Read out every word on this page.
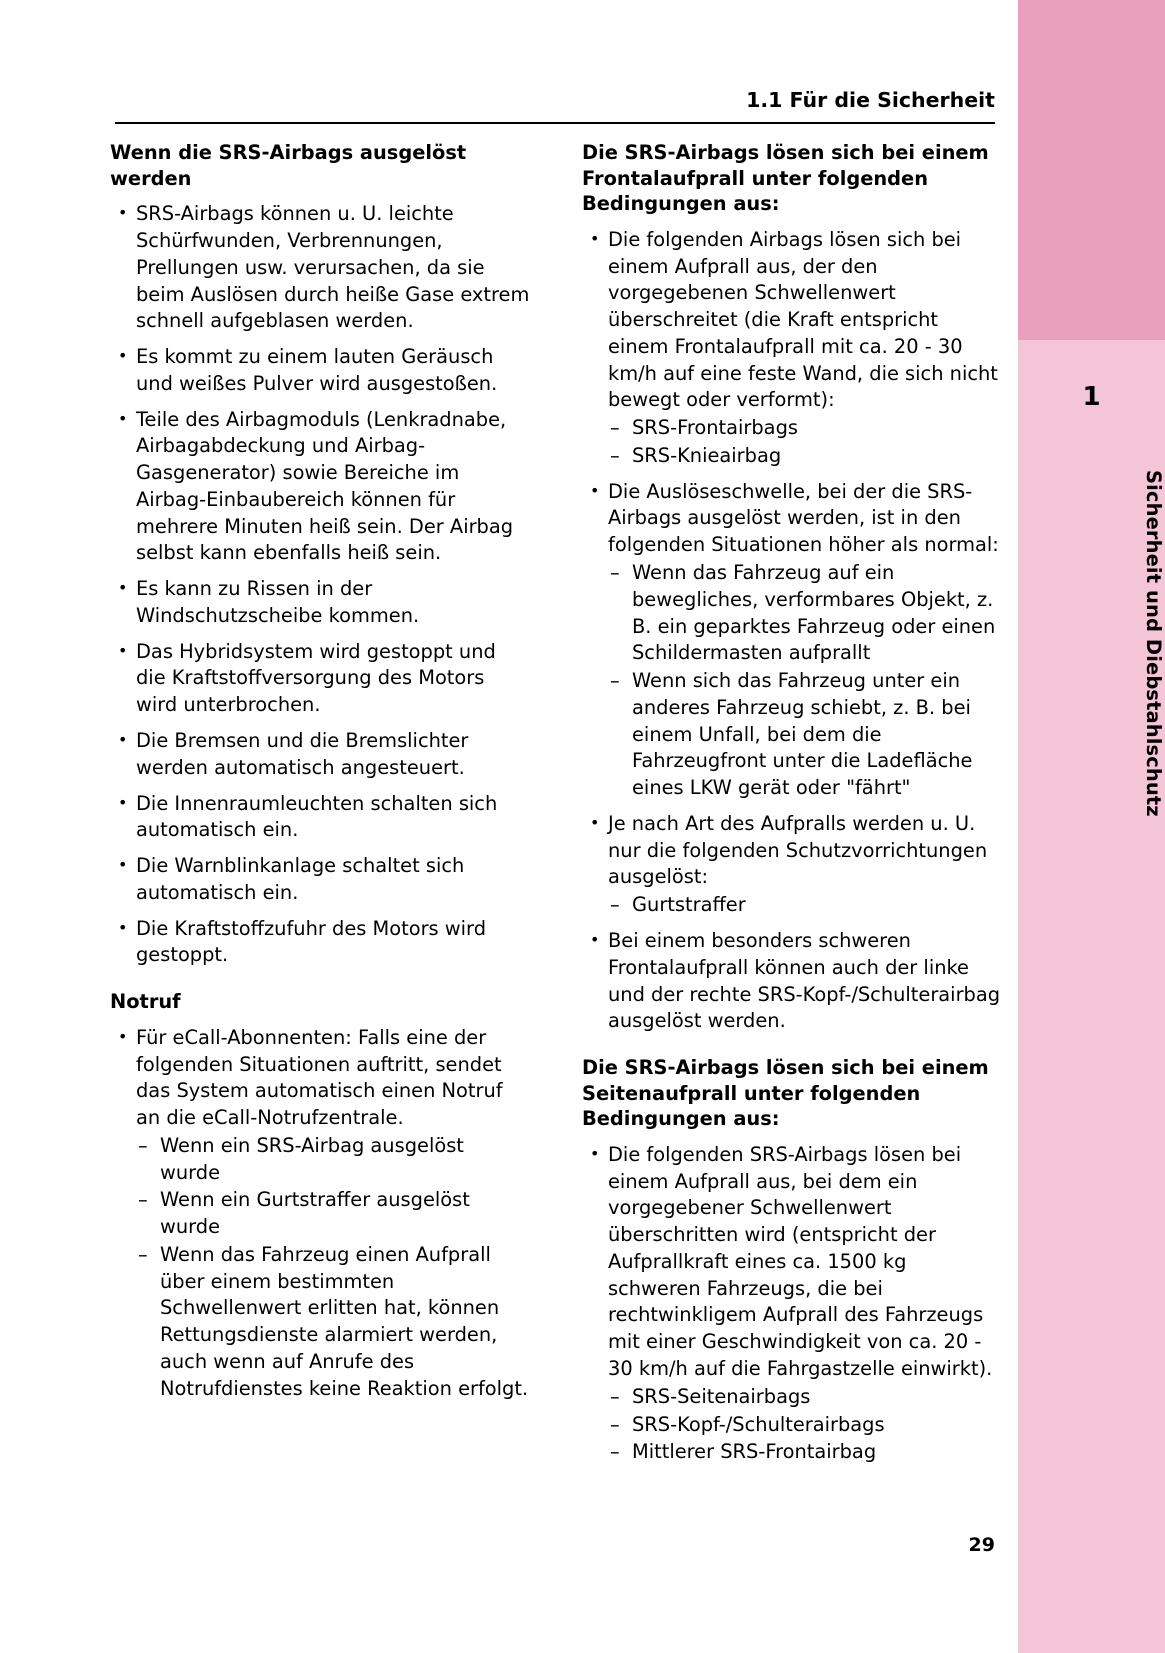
1
Sicherheit und Diebstahlschutz
1.1 Für die Sicherheit
Wenn die SRS-Airbags ausgelöst werden
• SRS-Airbags können u. U. leichte Schürfwunden, Verbrennungen, Prellungen usw. verursachen, da sie beim Auslösen durch heiße Gase extrem schnell aufgeblasen werden.
• Es kommt zu einem lauten Geräusch und weißes Pulver wird ausgestoßen.
• Teile des Airbagmoduls (Lenkradnabe, Airbagabdeckung und Airbag-Gasgenerator) sowie Bereiche im Airbag-Einbaubereich können für mehrere Minuten heiß sein. Der Airbag selbst kann ebenfalls heiß sein.
• Es kann zu Rissen in der Windschutzscheibe kommen.
• Das Hybridsystem wird gestoppt und die Kraftstoffversorgung des Motors wird unterbrochen.
• Die Bremsen und die Bremslichter werden automatisch angesteuert.
• Die Innenraumleuchten schalten sich automatisch ein.
• Die Warnblinkanlage schaltet sich automatisch ein.
• Die Kraftstoffzufuhr des Motors wird gestoppt.
Notruf
• Für eCall-Abonnenten: Falls eine der folgenden Situationen auftritt, sendet das System automatisch einen Notruf an die eCall-Notrufzentrale.
– Wenn ein SRS-Airbag ausgelöst wurde
– Wenn ein Gurtstraffer ausgelöst wurde
– Wenn das Fahrzeug einen Aufprall über einem bestimmten Schwellenwert erlitten hat, können Rettungsdienste alarmiert werden, auch wenn auf Anrufe des Notrufdienstes keine Reaktion erfolgt.
Die SRS-Airbags lösen sich bei einem Frontalaufprall unter folgenden Bedingungen aus:
• Die folgenden Airbags lösen sich bei einem Aufprall aus, der den vorgegebenen Schwellenwert überschreitet (die Kraft entspricht einem Frontalaufprall mit ca. 20 - 30 km/h auf eine feste Wand, die sich nicht bewegt oder verformt):
– SRS-Frontairbags
– SRS-Knieairbag
• Die Auslöseschwelle, bei der die SRS-Airbags ausgelöst werden, ist in den folgenden Situationen höher als normal:
– Wenn das Fahrzeug auf ein bewegliches, verformbares Objekt, z. B. ein geparktes Fahrzeug oder einen Schildermasten aufprallt
– Wenn sich das Fahrzeug unter ein anderes Fahrzeug schiebt, z. B. bei einem Unfall, bei dem die Fahrzeugfront unter die Ladefläche eines LKW gerät oder "fährt"
• Je nach Art des Aufpralls werden u. U. nur die folgenden Schutzvorrichtungen ausgelöst:
– Gurtstraffer
• Bei einem besonders schweren Frontalaufprall können auch der linke und der rechte SRS-Kopf-/Schulterairbag ausgelöst werden.
Die SRS-Airbags lösen sich bei einem Seitenaufprall unter folgenden Bedingungen aus:
• Die folgenden SRS-Airbags lösen bei einem Aufprall aus, bei dem ein vorgegebener Schwellenwert überschritten wird (entspricht der Aufprallkraft eines ca. 1500 kg schweren Fahrzeugs, die bei rechtwinkligem Aufprall des Fahrzeugs mit einer Geschwindigkeit von ca. 20 - 30 km/h auf die Fahrgastzelle einwirkt).
– SRS-Seitenairbags
– SRS-Kopf-/Schulterairbags
– Mittlerer SRS-Frontairbag
29
